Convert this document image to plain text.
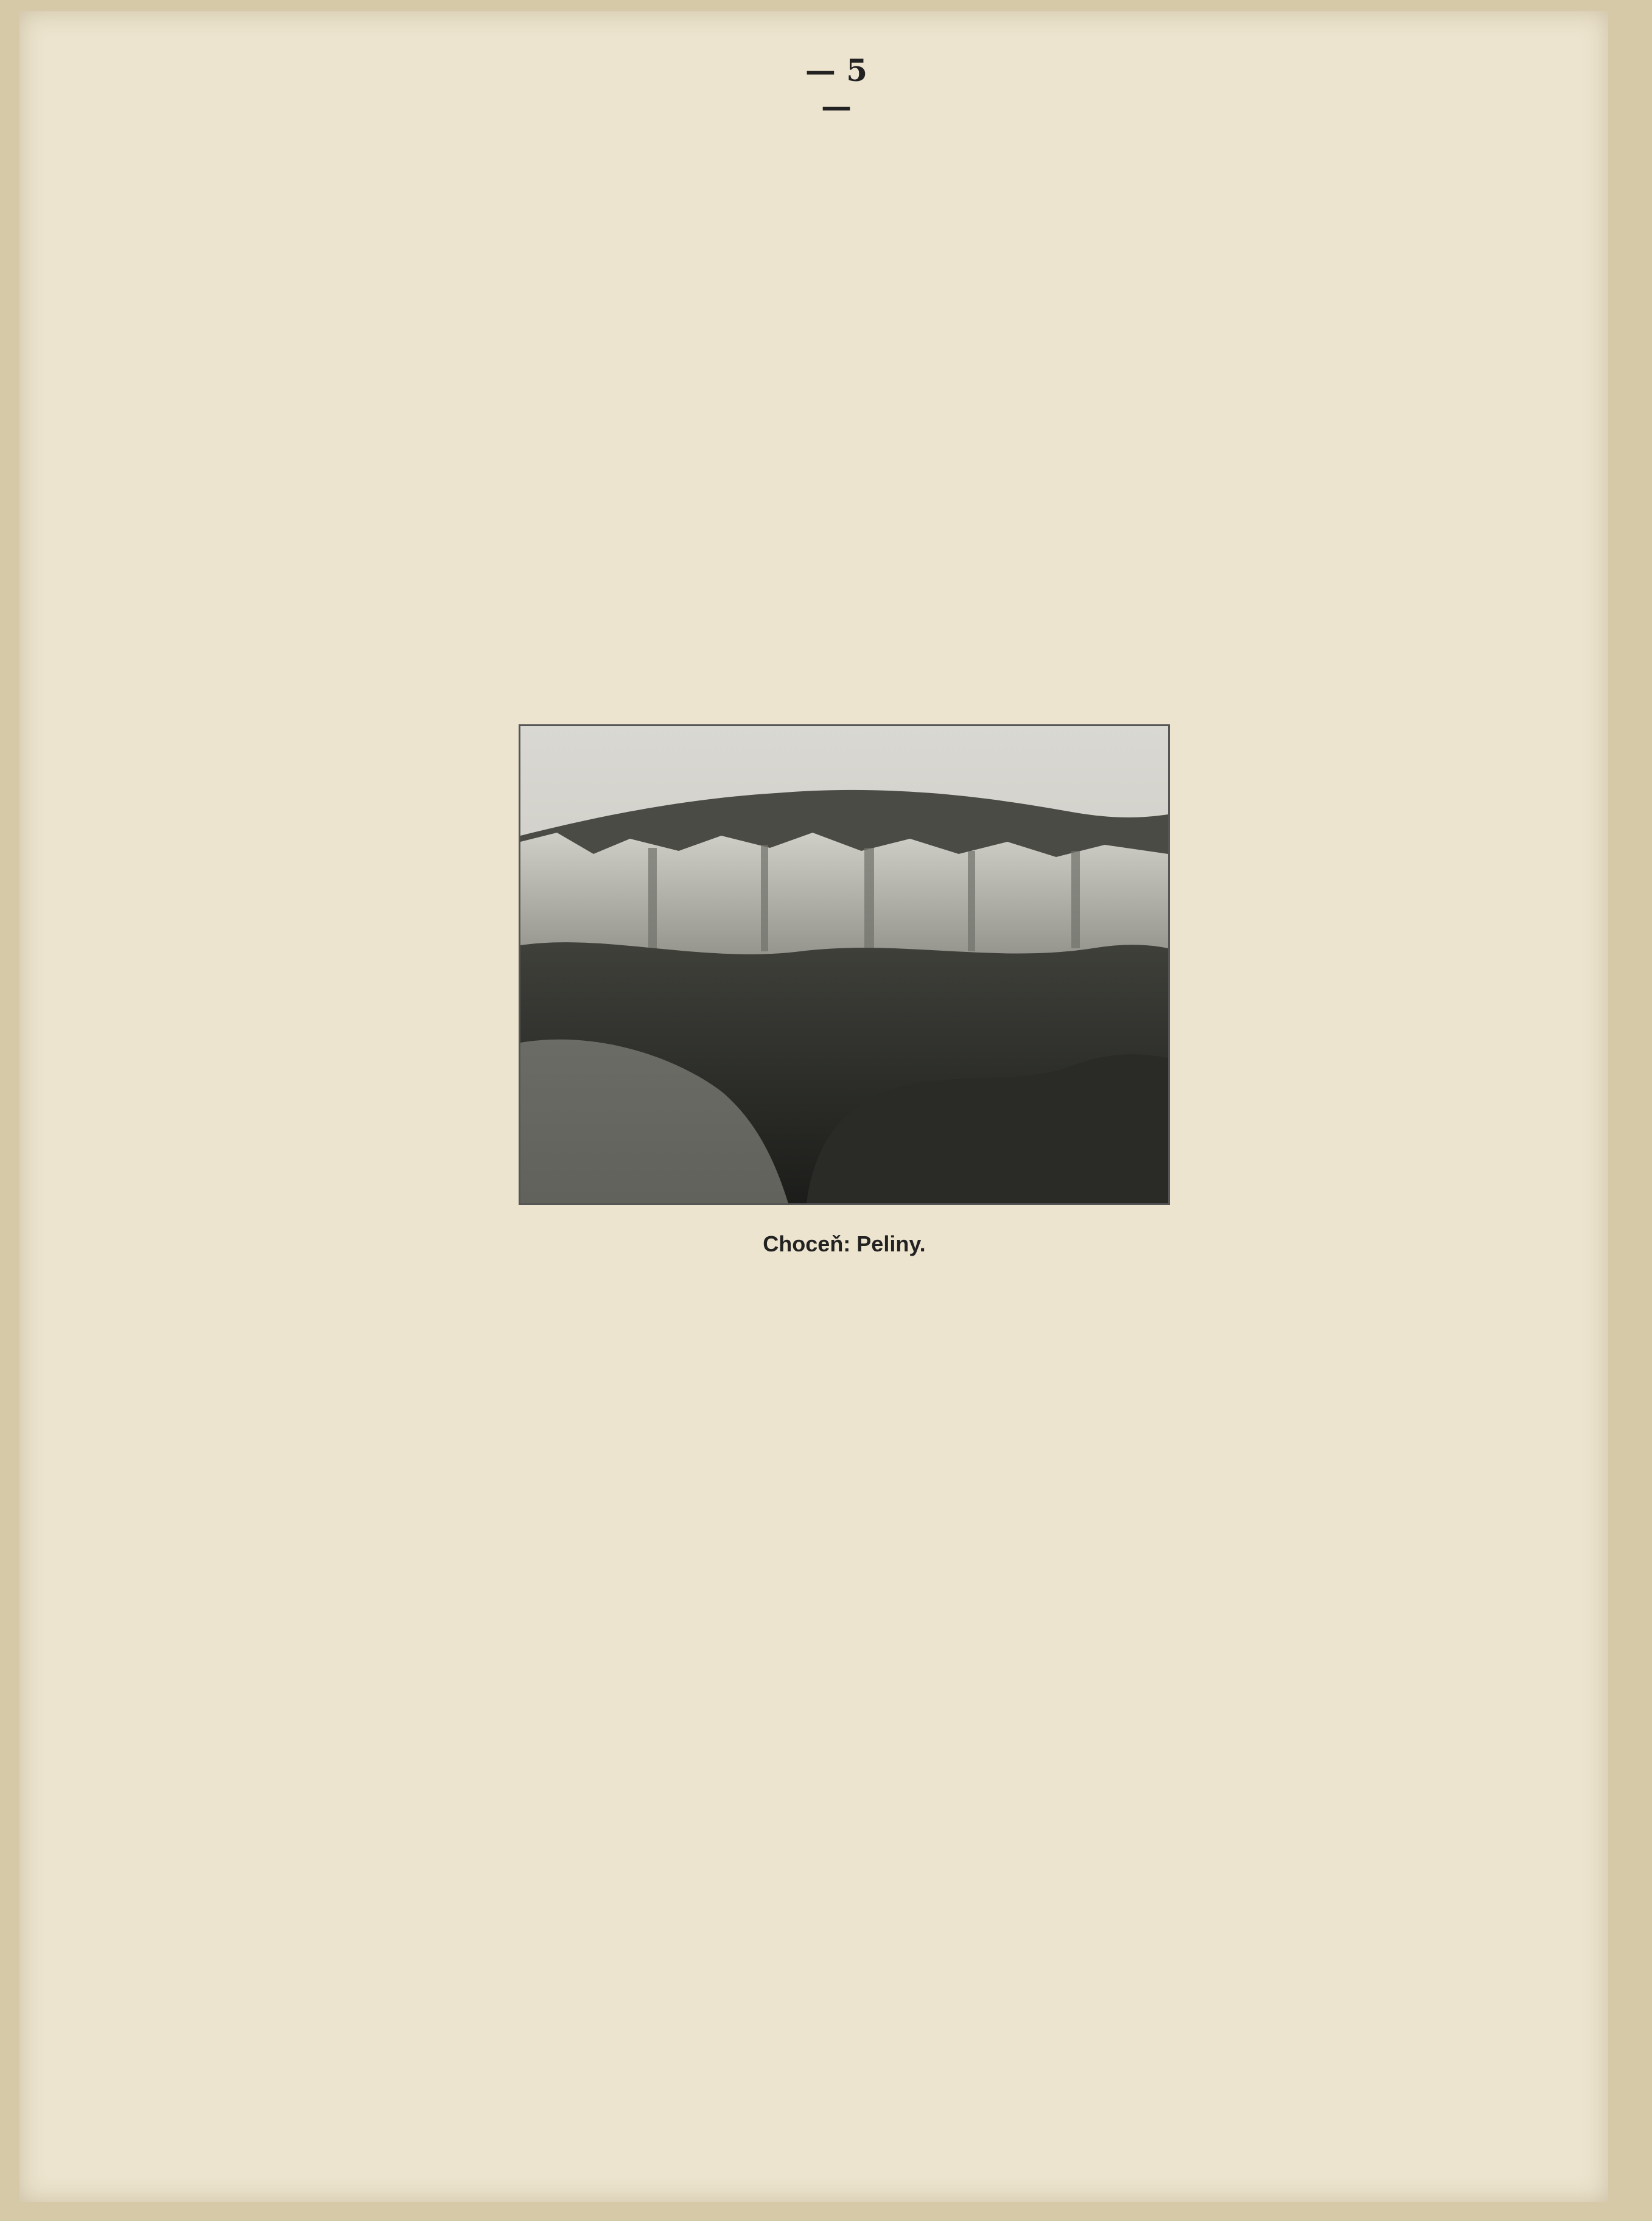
— 5 —
Choceň: Peliny.
